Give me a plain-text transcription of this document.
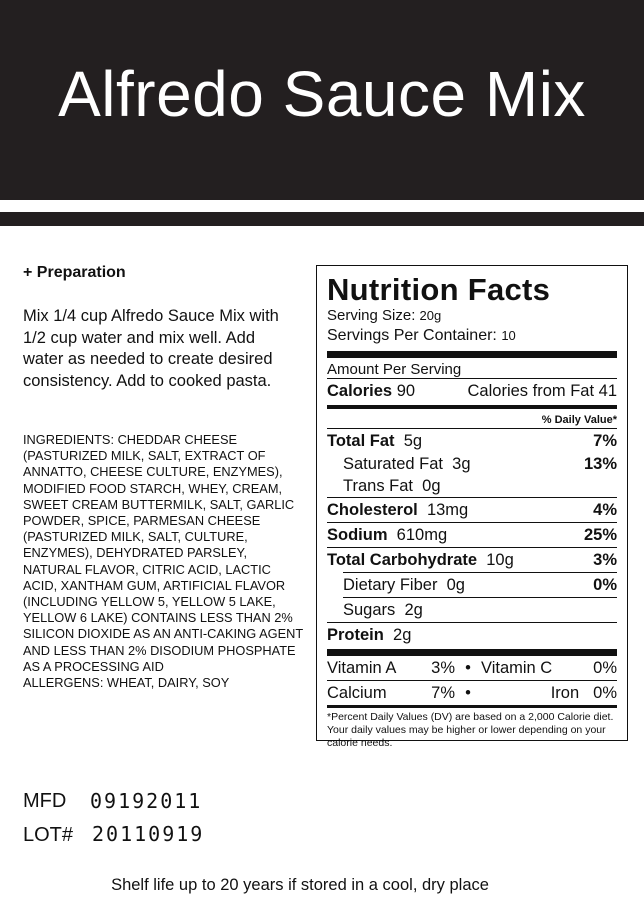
Alfredo Sauce Mix
+ Preparation
Mix 1/4 cup Alfredo Sauce Mix with 1/2 cup water and mix well. Add water as needed to create desired consistency. Add to cooked pasta.

INGREDIENTS: CHEDDAR CHEESE (PASTURIZED MILK, SALT, EXTRACT OF ANNATTO, CHEESE CULTURE, ENZYMES), MODIFIED FOOD STARCH, WHEY, CREAM, SWEET CREAM BUTTERMILK, SALT, GARLIC POWDER, SPICE, PARMESAN CHEESE (PASTURIZED MILK, SALT, CULTURE, ENZYMES), DEHYDRATED PARSLEY, NATURAL FLAVOR, CITRIC ACID, LACTIC ACID, XANTHAM GUM, ARTIFICIAL FLAVOR (INCLUDING YELLOW 5, YELLOW 5 LAKE, YELLOW 6 LAKE) CONTAINS LESS THAN 2% SILICON DIOXIDE AS AN ANTI-CAKING AGENT AND LESS THAN 2% DISODIUM PHOSPHATE AS A PROCESSING AID

ALLERGENS: WHEAT, DAIRY, SOY

Nutrition Facts
Serving Size: 20g
Servings Per Container: 10
Amount Per Serving
Calories 90	Calories from Fat 41
% Daily Value*
Total Fat 5g	7%
Saturated Fat 3g	13%
Trans Fat 0g
Cholesterol 13mg	4%
Sodium 610mg	25%
Total Carbohydrate 10g	3%
Dietary Fiber 0g	0%
Sugars 2g
Protein 2g
Vitamin A 3% • Vitamin C 0%
Calcium	7% •	Iron 0%
*Percent Daily Values (DV) are based on a 2,000 Calorie diet. Your daily values may be higher or lower depending on your calorie needs.
MFD 09192011
LOT# 20110919
Shelf life up to 20 years if stored in a cool, dry place
